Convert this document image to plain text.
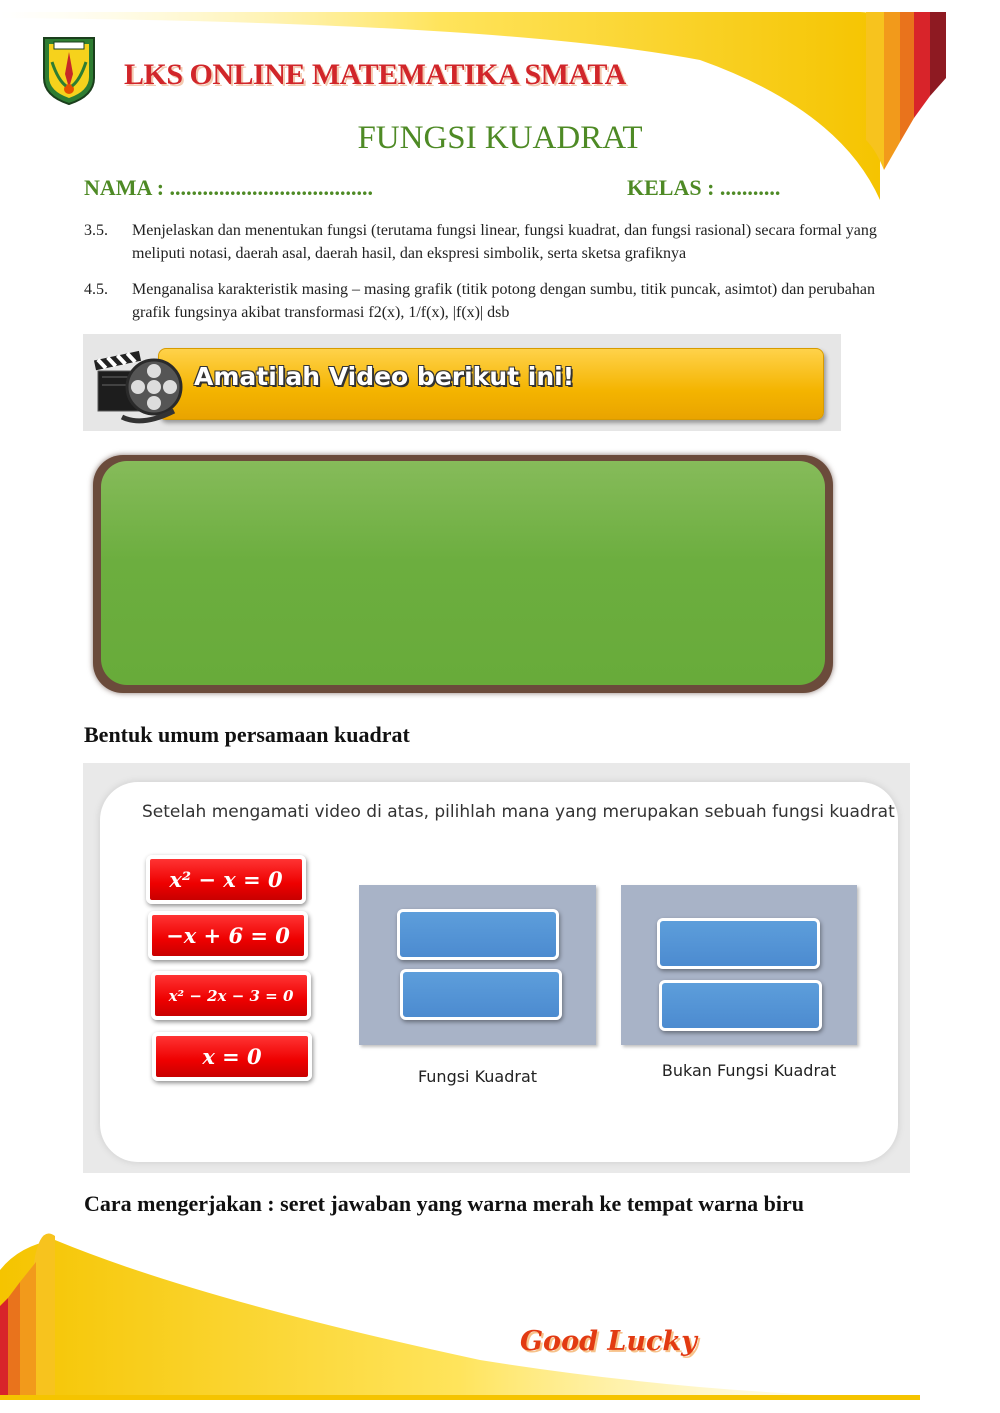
LKS ONLINE MATEMATIKA SMATA
FUNGSI KUADRAT
NAMA : .....................................	KELAS : ...........
3.5. Menjelaskan dan menentukan fungsi (terutama fungsi linear, fungsi kuadrat, dan fungsi rasional) secara formal yang meliputi notasi, daerah asal, daerah hasil, dan ekspresi simbolik, serta sketsa grafiknya
4.5. Menganalisa karakteristik masing – masing grafik (titik potong dengan sumbu, titik puncak, asimtot) dan perubahan grafik fungsinya akibat transformasi f2(x), 1/f(x), |f(x)| dsb
Amatilah Video berikut ini!
Bentuk umum persamaan kuadrat
Setelah mengamati video di atas, pilihlah mana yang merupakan sebuah fungsi kuadrat
x² − x = 0
−x + 6 = 0
x² − 2x − 3 = 0
x = 0
Fungsi Kuadrat	Bukan Fungsi Kuadrat
Cara mengerjakan : seret jawaban yang warna merah ke tempat warna biru
Good Lucky
